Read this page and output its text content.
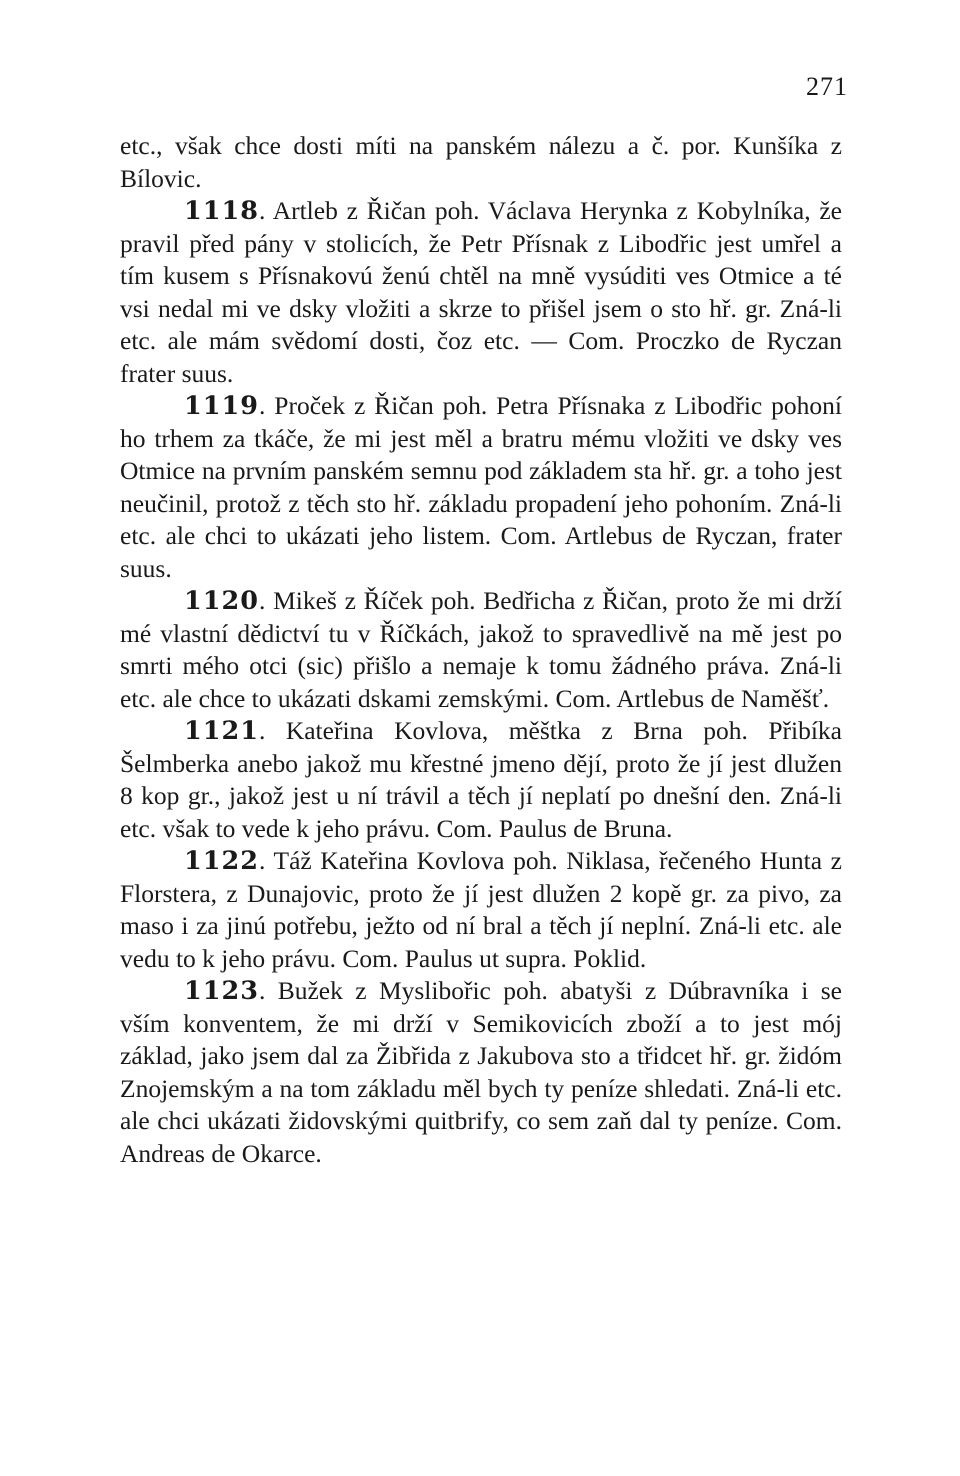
271

etc., však chce dosti míti na panském nálezu a č. por. Kunšíka z Bílovic.

1118. Artleb z Řičan poh. Václava Herynka z Kobylníka, že pravil před pány v stolicích, že Petr Přísnak z Libodřic jest umřel a tím kusem s Přísnakovú ženú chtěl na mně vysúditi ves Otmice a té vsi nedal mi ve dsky vložiti a skrze to přišel jsem o sto hř. gr. Zná-li etc. ale mám svědomí dosti, čoz etc. — Com. Proczko de Ryczan frater suus.

1119. Proček z Řičan poh. Petra Přísnaka z Libodřic pohoní ho trhem za tkáče, že mi jest měl a bratru mému vložiti ve dsky ves Otmice na prvním panském semnu pod základem sta hř. gr. a toho jest neučinil, protož z těch sto hř. základu propadení jeho pohoním. Zná-li etc. ale chci to ukázati jeho listem. Com. Artlebus de Ryczan, frater suus.

1120. Mikeš z Říček poh. Bedřicha z Řičan, proto že mi drží mé vlastní dědictví tu v Říčkách, jakož to spravedlivě na mě jest po smrti mého otci (sic) přišlo a nemaje k tomu žádného práva. Zná-li etc. ale chce to ukázati dskami zemskými. Com. Artlebus de Naměšť.

1121. Kateřina Kovlova, měštka z Brna poh. Přibíka Šelmberka anebo jakož mu křestné jmeno dějí, proto že jí jest dlužen 8 kop gr., jakož jest u ní trávil a těch jí neplatí po dnešní den. Zná-li etc. však to vede k jeho právu. Com. Paulus de Bruna.

1122. Táž Kateřina Kovlova poh. Niklasa, řečeného Hunta z Florstera, z Dunajovic, proto že jí jest dlužen 2 kopě gr. za pivo, za maso i za jinú potřebu, ježto od ní bral a těch jí neplní. Zná-li etc. ale vedu to k jeho právu. Com. Paulus ut supra. Poklid.

1123. Bužek z Myslibořic poh. abatyši z Dúbravníka i se vším konventem, že mi drží v Semikovicích zboží a to jest mój základ, jako jsem dal za Žibřida z Jakubova sto a třidcet hř. gr. židóm Znojemským a na tom základu měl bych ty peníze shledati. Zná-li etc. ale chci ukázati židovskými quitbrify, co sem zaň dal ty peníze. Com. Andreas de Okarce.
